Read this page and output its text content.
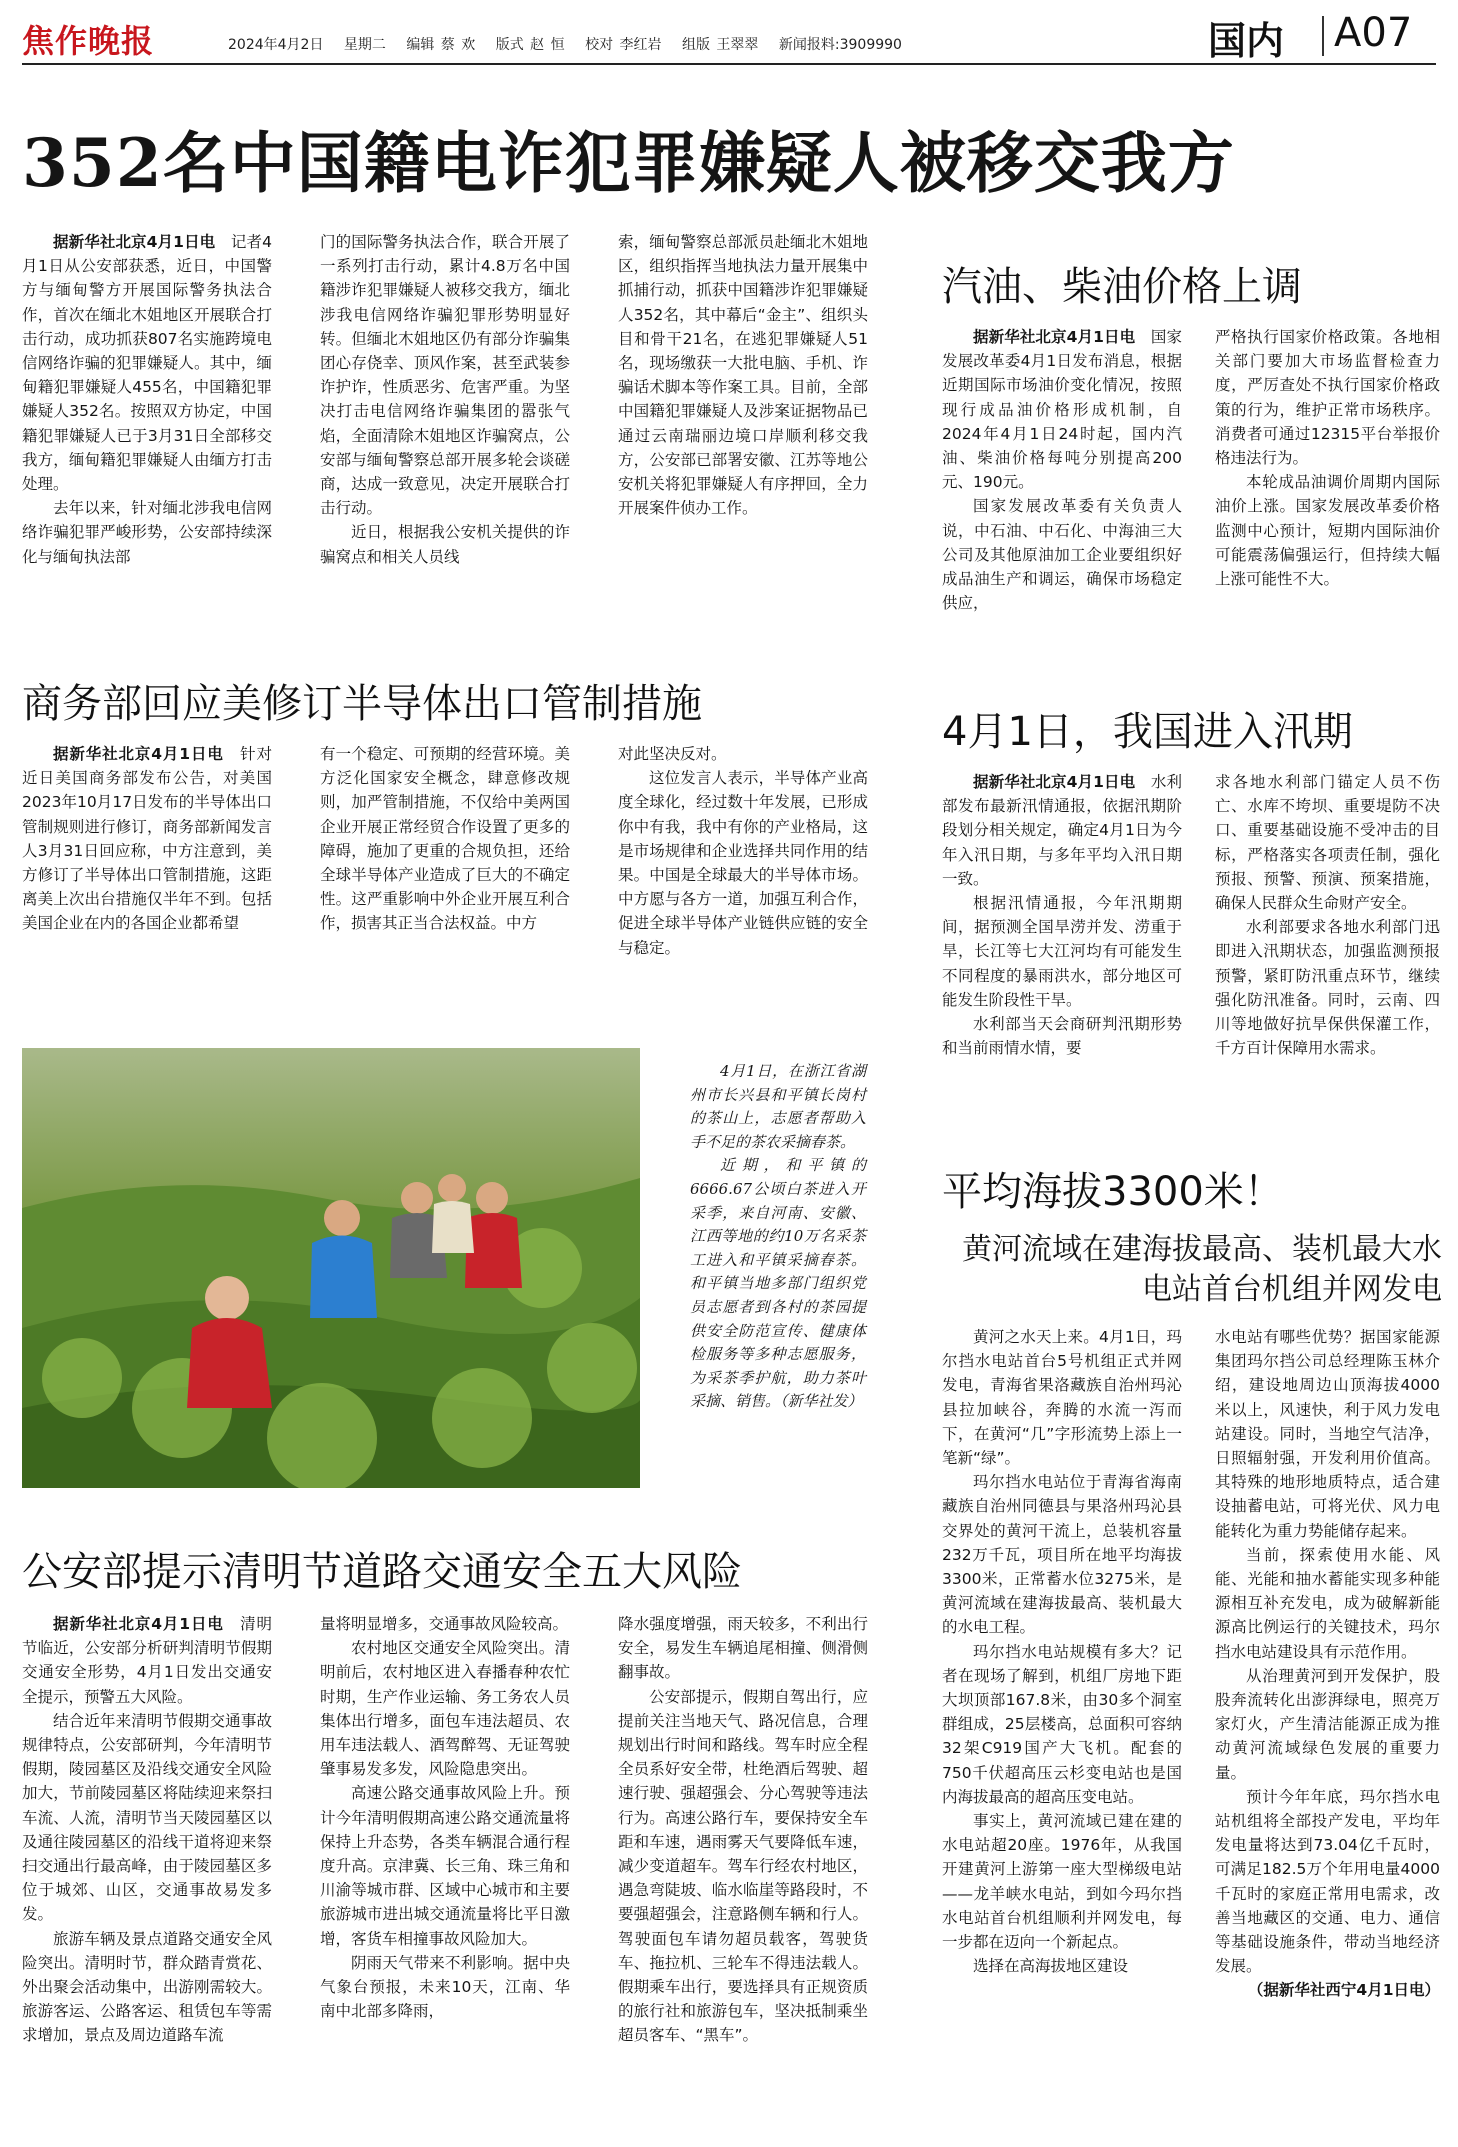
焦作晚报	2024年4月2日 星期二 编辑 蔡 欢 版式 赵 恒 校对 李红岩 组版 王翠翠 新闻报料:3909990	国内 A07
352名中国籍电诈犯罪嫌疑人被移交我方

据新华社北京4月1日电  记者4月1日从公安部获悉，近日，中国警方与缅甸警方开展国际警务执法合作，首次在缅北木姐地区开展联合打击行动，成功抓获807名实施跨境电信网络诈骗的犯罪嫌疑人。其中，缅甸籍犯罪嫌疑人455名，中国籍犯罪嫌疑人352名。按照双方协定，中国籍犯罪嫌疑人已于3月31日全部移交我方，缅甸籍犯罪嫌疑人由缅方打击处理。

去年以来，针对缅北涉我电信网络诈骗犯罪严峻形势，公安部持续深化与缅甸执法部

门的国际警务执法合作，联合开展了一系列打击行动，累计4.8万名中国籍涉诈犯罪嫌疑人被移交我方，缅北涉我电信网络诈骗犯罪形势明显好转。但缅北木姐地区仍有部分诈骗集团心存侥幸、顶风作案，甚至武装参诈护诈，性质恶劣、危害严重。为坚决打击电信网络诈骗集团的嚣张气焰，全面清除木姐地区诈骗窝点，公安部与缅甸警察总部开展多轮会谈磋商，达成一致意见，决定开展联合打击行动。

近日，根据我公安机关提供的诈骗窝点和相关人员线

索，缅甸警察总部派员赴缅北木姐地区，组织指挥当地执法力量开展集中抓捕行动，抓获中国籍涉诈犯罪嫌疑人352名，其中幕后“金主”、组织头目和骨干21名，在逃犯罪嫌疑人51名，现场缴获一大批电脑、手机、诈骗话术脚本等作案工具。目前，全部中国籍犯罪嫌疑人及涉案证据物品已通过云南瑞丽边境口岸顺利移交我方，公安部已部署安徽、江苏等地公安机关将犯罪嫌疑人有序押回，全力开展案件侦办工作。

汽油、柴油价格上调

据新华社北京4月1日电  国家发展改革委4月1日发布消息，根据近期国际市场油价变化情况，按照现行成品油价格形成机制，自2024年4月1日24时起，国内汽油、柴油价格每吨分别提高200元、190元。

国家发展改革委有关负责人说，中石油、中石化、中海油三大公司及其他原油加工企业要组织好成品油生产和调运，确保市场稳定供应，

严格执行国家价格政策。各地相关部门要加大市场监督检查力度，严厉查处不执行国家价格政策的行为，维护正常市场秩序。消费者可通过12315平台举报价格违法行为。

本轮成品油调价周期内国际油价上涨。国家发展改革委价格监测中心预计，短期内国际油价可能震荡偏强运行，但持续大幅上涨可能性不大。

商务部回应美修订半导体出口管制措施

据新华社北京4月1日电  针对近日美国商务部发布公告，对美国2023年10月17日发布的半导体出口管制规则进行修订，商务部新闻发言人3月31日回应称，中方注意到，美方修订了半导体出口管制措施，这距离美上次出台措施仅半年不到。包括美国企业在内的各国企业都希望

有一个稳定、可预期的经营环境。美方泛化国家安全概念，肆意修改规则，加严管制措施，不仅给中美两国企业开展正常经贸合作设置了更多的障碍，施加了更重的合规负担，还给全球半导体产业造成了巨大的不确定性。这严重影响中外企业开展互利合作，损害其正当合法权益。中方

对此坚决反对。

这位发言人表示，半导体产业高度全球化，经过数十年发展，已形成你中有我，我中有你的产业格局，这是市场规律和企业选择共同作用的结果。中国是全球最大的半导体市场。中方愿与各方一道，加强互利合作，促进全球半导体产业链供应链的安全与稳定。

4月1日，我国进入汛期

据新华社北京4月1日电  水利部发布最新汛情通报，依据汛期阶段划分相关规定，确定4月1日为今年入汛日期，与多年平均入汛日期一致。

根据汛情通报，今年汛期期间，据预测全国旱涝并发、涝重于旱，长江等七大江河均有可能发生不同程度的暴雨洪水，部分地区可能发生阶段性干旱。

水利部当天会商研判汛期形势和当前雨情水情，要

求各地水利部门锚定人员不伤亡、水库不垮坝、重要堤防不决口、重要基础设施不受冲击的目标，严格落实各项责任制，强化预报、预警、预演、预案措施，确保人民群众生命财产安全。

水利部要求各地水利部门迅即进入汛期状态，加强监测预报预警，紧盯防汛重点环节，继续强化防汛准备。同时，云南、四川等地做好抗旱保供保灌工作，千方百计保障用水需求。

4月1日，在浙江省湖州市长兴县和平镇长岗村的茶山上，志愿者帮助入手不足的茶农采摘春茶。

近期，和平镇的6666.67公顷白茶进入开采季，来自河南、安徽、江西等地的约10万名采茶工进入和平镇采摘春茶。和平镇当地多部门组织党员志愿者到各村的茶园提供安全防范宣传、健康体检服务等多种志愿服务，为采茶季护航，助力茶叶采摘、销售。（新华社发）

平均海拔3300米！
黄河流域在建海拔最高、装机最大水电站首台机组并网发电

黄河之水天上来。4月1日，玛尔挡水电站首台5号机组正式并网发电，青海省果洛藏族自治州玛沁县拉加峡谷，奔腾的水流一泻而下，在黄河“几”字形流势上添上一笔新“绿”。

玛尔挡水电站位于青海省海南藏族自治州同德县与果洛州玛沁县交界处的黄河干流上，总装机容量232万千瓦，项目所在地平均海拔3300米，正常蓄水位3275米，是黄河流域在建海拔最高、装机最大的水电工程。

玛尔挡水电站规模有多大？记者在现场了解到，机组厂房地下距大坝顶部167.8米，由30多个洞室群组成，25层楼高，总面积可容纳32架C919国产大飞机。配套的750千伏超高压云杉变电站也是国内海拔最高的超高压变电站。

事实上，黄河流域已建在建的水电站超20座。1976年，从我国开建黄河上游第一座大型梯级电站——龙羊峡水电站，到如今玛尔挡水电站首台机组顺利并网发电，每一步都在迈向一个新起点。

选择在高海拔地区建设

水电站有哪些优势？据国家能源集团玛尔挡公司总经理陈玉林介绍，建设地周边山顶海拔4000米以上，风速快，利于风力发电站建设。同时，当地空气洁净，日照辐射强，开发利用价值高。其特殊的地形地质特点，适合建设抽蓄电站，可将光伏、风力电能转化为重力势能储存起来。

当前，探索使用水能、风能、光能和抽水蓄能实现多种能源相互补充发电，成为破解新能源高比例运行的关键技术，玛尔挡水电站建设具有示范作用。

从治理黄河到开发保护，股股奔流转化出澎湃绿电，照亮万家灯火，产生清洁能源正成为推动黄河流域绿色发展的重要力量。

预计今年年底，玛尔挡水电站机组将全部投产发电，平均年发电量将达到73.04亿千瓦时，可满足182.5万个年用电量4000千瓦时的家庭正常用电需求，改善当地藏区的交通、电力、通信等基础设施条件，带动当地经济发展。

（据新华社西宁4月1日电）

公安部提示清明节道路交通安全五大风险

据新华社北京4月1日电  清明节临近，公安部分析研判清明节假期交通安全形势，4月1日发出交通安全提示，预警五大风险。

结合近年来清明节假期交通事故规律特点，公安部研判，今年清明节假期，陵园墓区及沿线交通安全风险加大，节前陵园墓区将陆续迎来祭扫车流、人流，清明节当天陵园墓区以及通往陵园墓区的沿线干道将迎来祭扫交通出行最高峰，由于陵园墓区多位于城郊、山区，交通事故易发多发。

旅游车辆及景点道路交通安全风险突出。清明时节，群众踏青赏花、外出聚会活动集中，出游刚需较大。旅游客运、公路客运、租赁包车等需求增加，景点及周边道路车流

量将明显增多，交通事故风险较高。

农村地区交通安全风险突出。清明前后，农村地区进入春播春种农忙时期，生产作业运输、务工务农人员集体出行增多，面包车违法超员、农用车违法载人、酒驾醉驾、无证驾驶肇事易发多发，风险隐患突出。

高速公路交通事故风险上升。预计今年清明假期高速公路交通流量将保持上升态势，各类车辆混合通行程度升高。京津冀、长三角、珠三角和川渝等城市群、区域中心城市和主要旅游城市进出城交通流量将比平日激增，客货车相撞事故风险加大。

阴雨天气带来不利影响。据中央气象台预报，未来10天，江南、华南中北部多降雨，

降水强度增强，雨天较多，不利出行安全，易发生车辆追尾相撞、侧滑侧翻事故。

公安部提示，假期自驾出行，应提前关注当地天气、路况信息，合理规划出行时间和路线。驾车时应全程全员系好安全带，杜绝酒后驾驶、超速行驶、强超强会、分心驾驶等违法行为。高速公路行车，要保持安全车距和车速，遇雨雾天气要降低车速，减少变道超车。驾车行经农村地区，遇急弯陡坡、临水临崖等路段时，不要强超强会，注意路侧车辆和行人。驾驶面包车请勿超员载客，驾驶货车、拖拉机、三轮车不得违法载人。假期乘车出行，要选择具有正规资质的旅行社和旅游包车，坚决抵制乘坐超员客车、“黑车”。
